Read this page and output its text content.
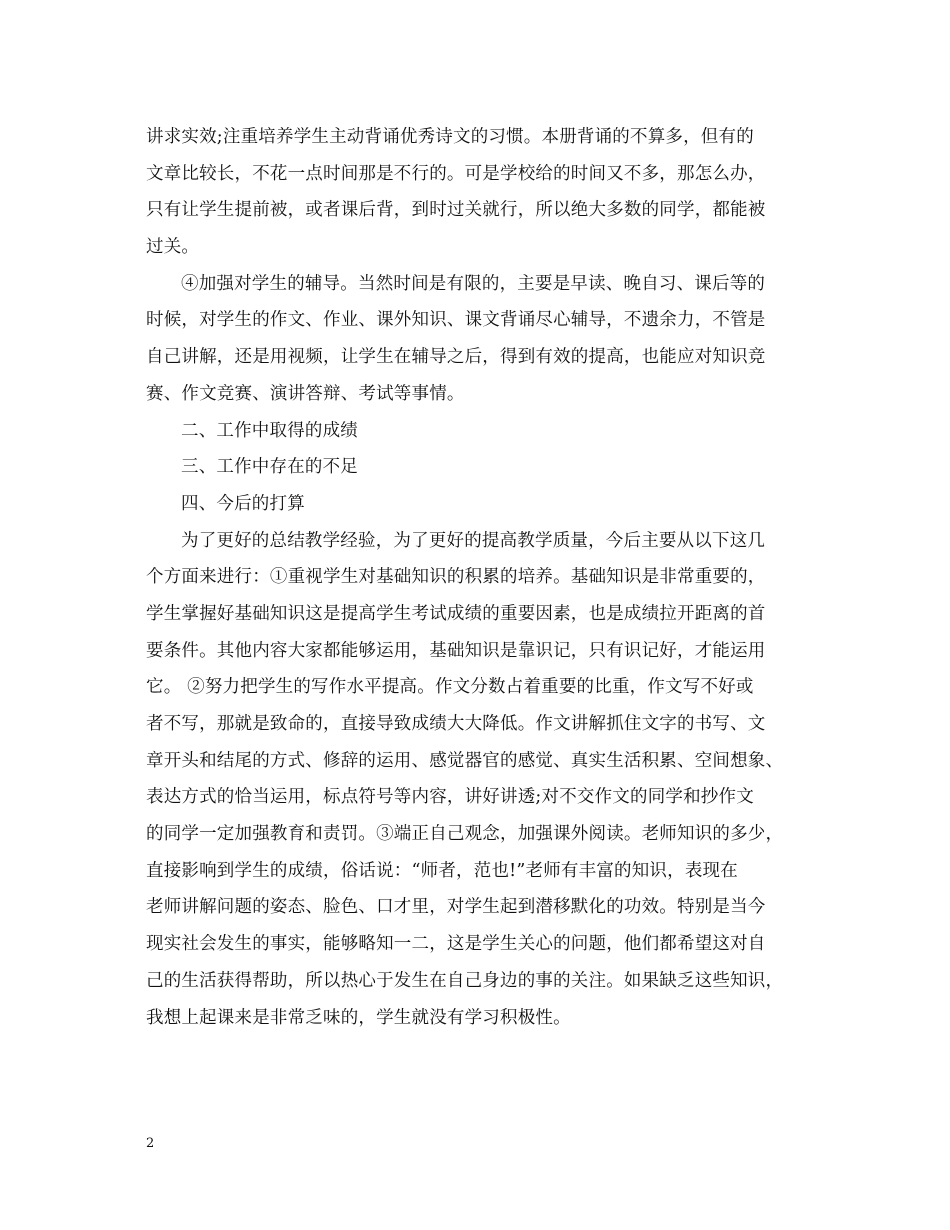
讲求实效;注重培养学生主动背诵优秀诗文的习惯。本册背诵的不算多，但有的
文章比较长，不花一点时间那是不行的。可是学校给的时间又不多，那怎么办，
只有让学生提前被，或者课后背，到时过关就行，所以绝大多数的同学，都能被
过关。
④加强对学生的辅导。当然时间是有限的，主要是早读、晚自习、课后等的
时候，对学生的作文、作业、课外知识、课文背诵尽心辅导，不遗余力，不管是
自己讲解，还是用视频，让学生在辅导之后，得到有效的提高，也能应对知识竞
赛、作文竞赛、演讲答辩、考试等事情。
二、工作中取得的成绩
三、工作中存在的不足
四、今后的打算
为了更好的总结教学经验，为了更好的提高教学质量，今后主要从以下这几
个方面来进行：①重视学生对基础知识的积累的培养。基础知识是非常重要的，
学生掌握好基础知识这是提高学生考试成绩的重要因素，也是成绩拉开距离的首
要条件。其他内容大家都能够运用，基础知识是靠识记，只有识记好，才能运用
它。 ②努力把学生的写作水平提高。作文分数占着重要的比重，作文写不好或
者不写，那就是致命的，直接导致成绩大大降低。作文讲解抓住文字的书写、文
章开头和结尾的方式、修辞的运用、感觉器官的感觉、真实生活积累、空间想象、
表达方式的恰当运用，标点符号等内容，讲好讲透;对不交作文的同学和抄作文
的同学一定加强教育和责罚。③端正自己观念，加强课外阅读。老师知识的多少，
直接影响到学生的成绩，俗话说：“师者，范也!”老师有丰富的知识，表现在
老师讲解问题的姿态、脸色、口才里，对学生起到潜移默化的功效。特别是当今
现实社会发生的事实，能够略知一二，这是学生关心的问题，他们都希望这对自
己的生活获得帮助，所以热心于发生在自己身边的事的关注。如果缺乏这些知识，
我想上起课来是非常乏味的，学生就没有学习积极性。
2
